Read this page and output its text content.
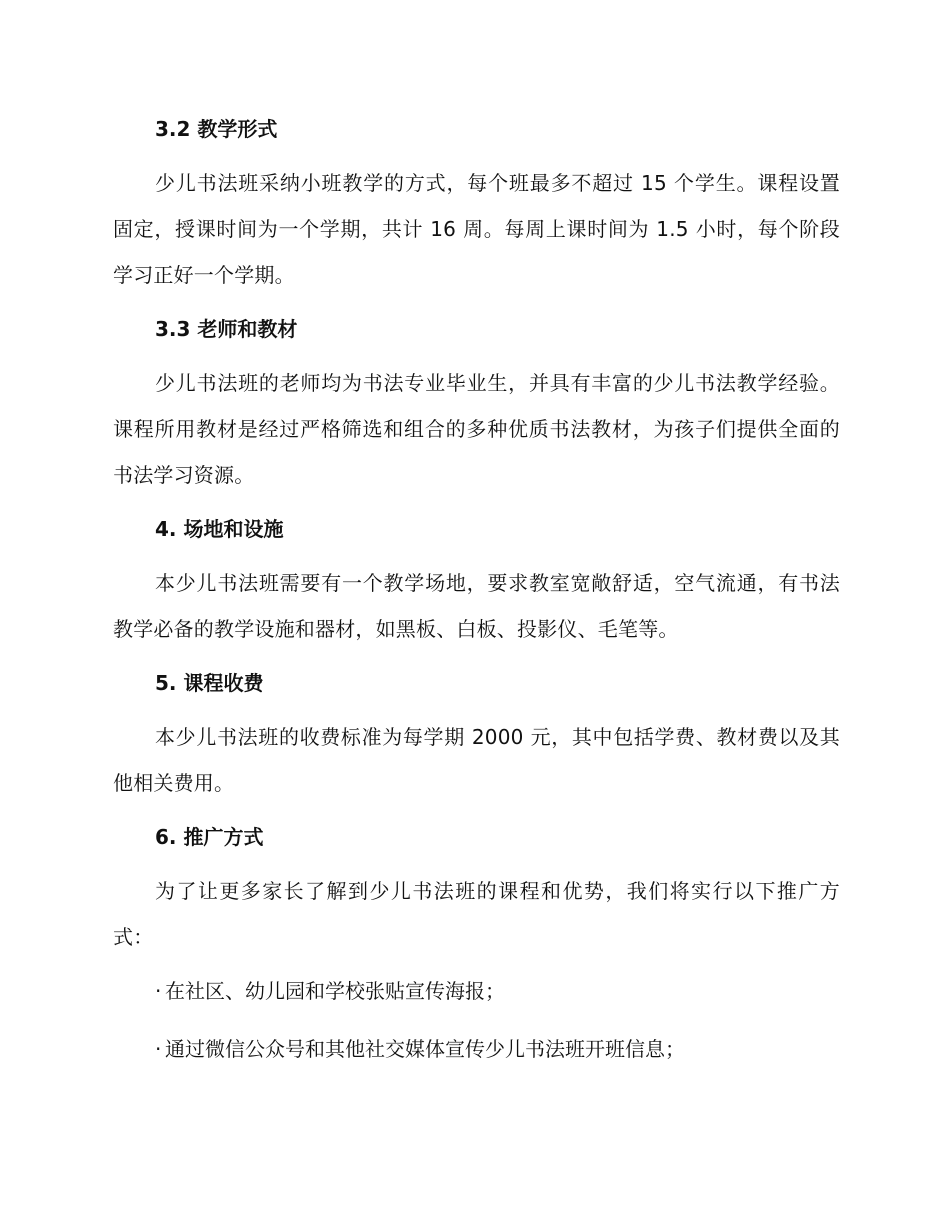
3.2 教学形式

少儿书法班采纳小班教学的方式，每个班最多不超过 15 个学生。课程设置固定，授课时间为一个学期，共计 16 周。每周上课时间为 1.5 小时，每个阶段学习正好一个学期。

3.3 老师和教材

少儿书法班的老师均为书法专业毕业生，并具有丰富的少儿书法教学经验。课程所用教材是经过严格筛选和组合的多种优质书法教材，为孩子们提供全面的书法学习资源。

4. 场地和设施

本少儿书法班需要有一个教学场地，要求教室宽敞舒适，空气流通，有书法教学必备的教学设施和器材，如黑板、白板、投影仪、毛笔等。

5. 课程收费

本少儿书法班的收费标准为每学期 2000 元，其中包括学费、教材费以及其他相关费用。

6. 推广方式

为了让更多家长了解到少儿书法班的课程和优势，我们将实行以下推广方式：

· 在社区、幼儿园和学校张贴宣传海报；
· 通过微信公众号和其他社交媒体宣传少儿书法班开班信息；
